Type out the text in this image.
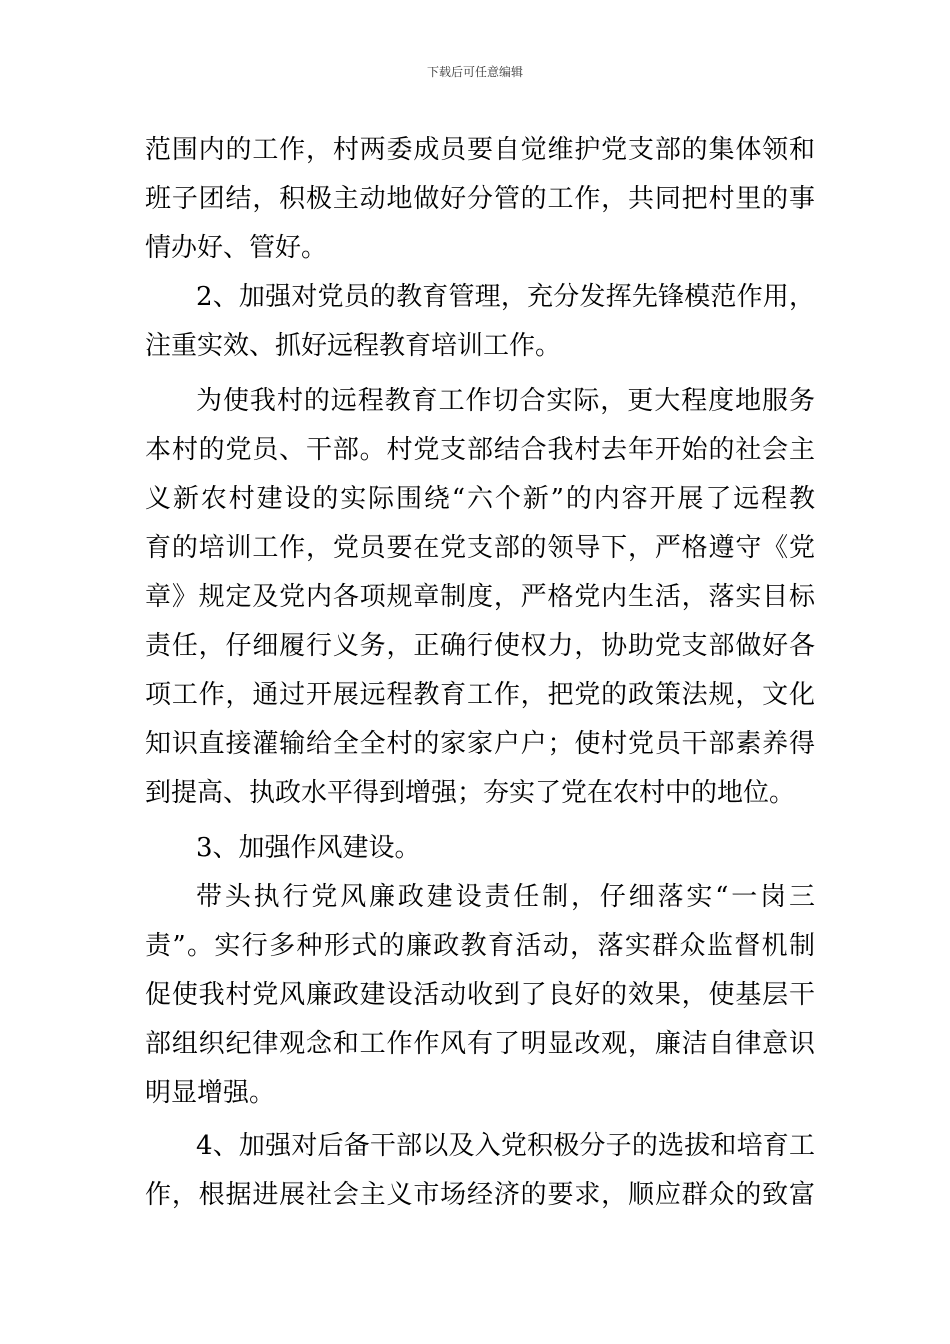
下载后可任意编辑
范围内的工作，村两委成员要自觉维护党支部的集体领和
班子团结，积极主动地做好分管的工作，共同把村里的事
情办好、管好。
2、加强对党员的教育管理，充分发挥先锋模范作用，
注重实效、抓好远程教育培训工作。
为使我村的远程教育工作切合实际，更大程度地服务
本村的党员、干部。村党支部结合我村去年开始的社会主
义新农村建设的实际围绕“六个新”的内容开展了远程教
育的培训工作，党员要在党支部的领导下，严格遵守《党
章》规定及党内各项规章制度，严格党内生活，落实目标
责任，仔细履行义务，正确行使权力，协助党支部做好各
项工作，通过开展远程教育工作，把党的政策法规，文化
知识直接灌输给全全村的家家户户；使村党员干部素养得
到提高、执政水平得到增强；夯实了党在农村中的地位。
3、加强作风建设。
带头执行党风廉政建设责任制，仔细落实“一岗三
责”。实行多种形式的廉政教育活动，落实群众监督机制
促使我村党风廉政建设活动收到了良好的效果，使基层干
部组织纪律观念和工作作风有了明显改观，廉洁自律意识
明显增强。
4、加强对后备干部以及入党积极分子的选拔和培育工
作，根据进展社会主义市场经济的要求，顺应群众的致富
